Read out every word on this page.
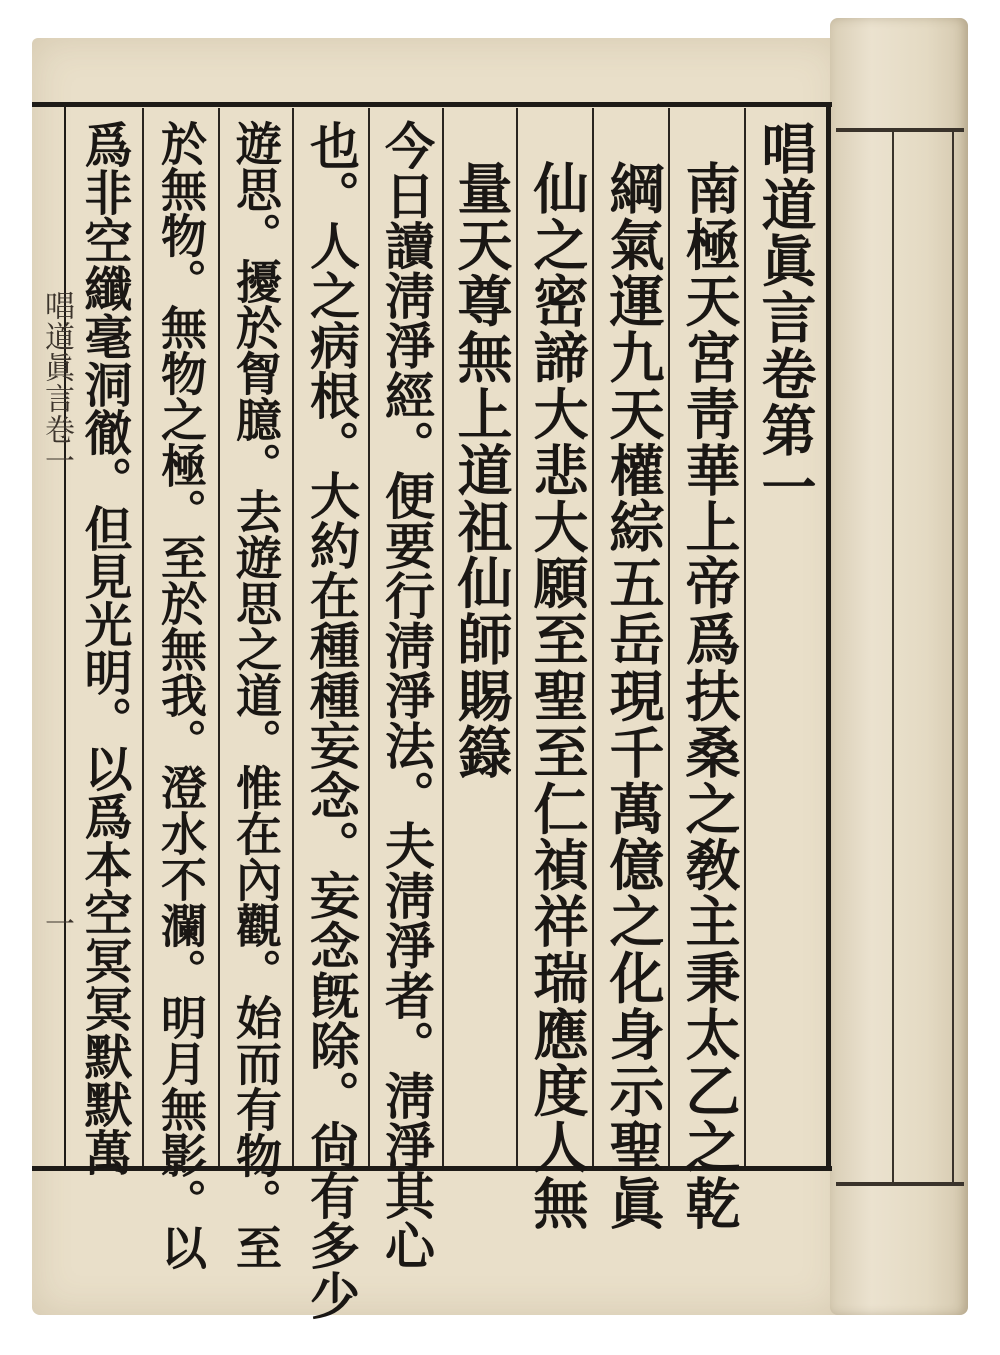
唱道眞言卷一
一
唱道眞言卷第一
南極天宮靑華上帝爲扶桑之敎主秉太乙之乾
綱氣運九天權綜五岳現千萬億之化身示聖眞
仙之密諦大悲大願至聖至仁禎祥瑞應度人無
量天尊無上道祖仙師賜籙
今日讀淸淨經。便要行淸淨法。夫淸淨者。淸淨其心
也。人之病根。大約在種種妄念。妄念旣除。尙有多少
遊思。擾於胷臆。去遊思之道。惟在內觀。始而有物。至
於無物。無物之極。至於無我。澄水不瀾。明月無影。以
爲非空纖毫洞徹。但見光明。以爲本空冥冥默默萬
